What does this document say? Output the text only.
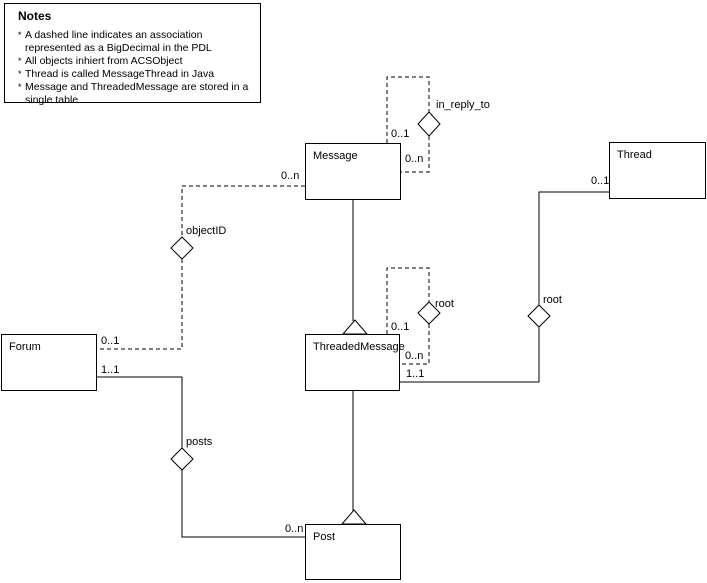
Notes
* A dashed line indicates an association represented as a BigDecimal in the PDL
* All objects inhiert from ACSObject
* Thread is called MessageThread in Java
* Message and ThreadedMessage are stored in a single table
Message	Thread
ThreadedMessage
Forum
Post
in_reply_to
objectID
root	root
posts
0..1
0..n
0..n
0..1
0..1
1..1
0..1
0..n
1..1
0..n
